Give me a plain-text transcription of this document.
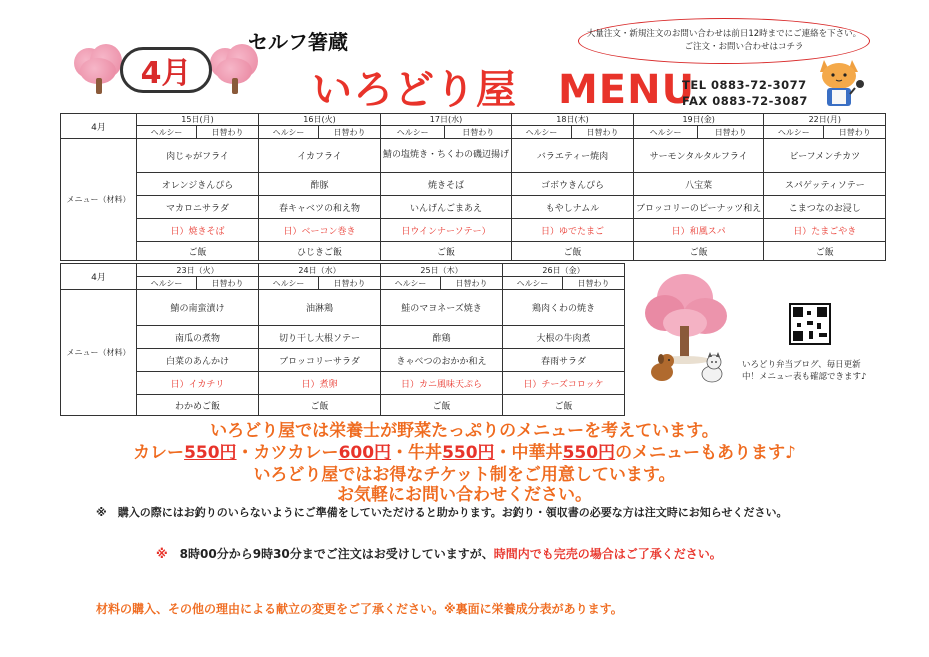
4月
セルフ箸蔵
いろどり屋　MENU
大量注文・新規注文のお問い合わせは前日12時までにご連絡を下さい。
ご注文・お問い合わせはコチラ
TEL 0883-72-3077
FAX 0883-72-3087
4月	15日(月)		16日(火)		17日(水)		18日(木)		19日(金)		22日(月)	
	ヘルシー	日替わり	ヘルシー	日替わり	ヘルシー	日替わり	ヘルシー	日替わり	ヘルシー	日替わり	ヘルシー	日替わり
メニュー（材料）	肉じゃがフライ		イカフライ		鯖の塩焼き・ちくわの磯辺揚げ		バラエティー焼肉		サーモンタルタルフライ		ビーフメンチカツ	
	オレンジきんぴら		酢豚		焼きそば		ゴボウきんぴら		八宝菜		スパゲッティソテー	
	マカロニサラダ		春キャベツの和え物		いんげんごまあえ		もやしナムル		ブロッコリーのピーナッツ和え		こまつなのお浸し	
	日）焼きそば		日）ベーコン巻き		日ウインナーソテー）		日）ゆでたまご		日）和風スパ		日）たまごやき	
	ご飯		ひじきご飯		ご飯		ご飯		ご飯		ご飯	
4月	23日（火）		24日（水）		25日（木）		26日（金）	
	ヘルシー	日替わり	ヘルシー	日替わり	ヘルシー	日替わり	ヘルシー	日替わり
メニュー（材料）	鯖の南蛮漬け		油淋鶏		鮭のマヨネーズ焼き		鶏肉くわの焼き	
	南瓜の煮物		切り干し大根ソテー		酢鶏		大根の牛肉煮	
	白菜のあんかけ		ブロッコリーサラダ		きゃべつのおかか和え		春雨サラダ	
	日）イカチリ		日）煮卵		日）カニ風味天ぷら		日）チーズコロッケ	
	わかめご飯		ご飯		ご飯		ご飯	
いろどり弁当ブログ、毎日更新
中！メニュー表も確認できます♪
いろどり屋では栄養士が野菜たっぷりのメニューを考えています。
カレー550円・カツカレー600円・牛丼550円・中華丼550円のメニューもあります♪
いろどり屋ではお得なチケット制をご用意しています。
お気軽にお問い合わせください。
※　購入の際にはお釣りのいらないようにご準備をしていただけると助かります。お釣り・領収書の必要な方は注文時にお知らせください。
※　8時00分から9時30分までご注文はお受けしていますが、時間内でも完売の場合はご了承ください。
材料の購入、その他の理由による献立の変更をご了承ください。※裏面に栄養成分表があります。
